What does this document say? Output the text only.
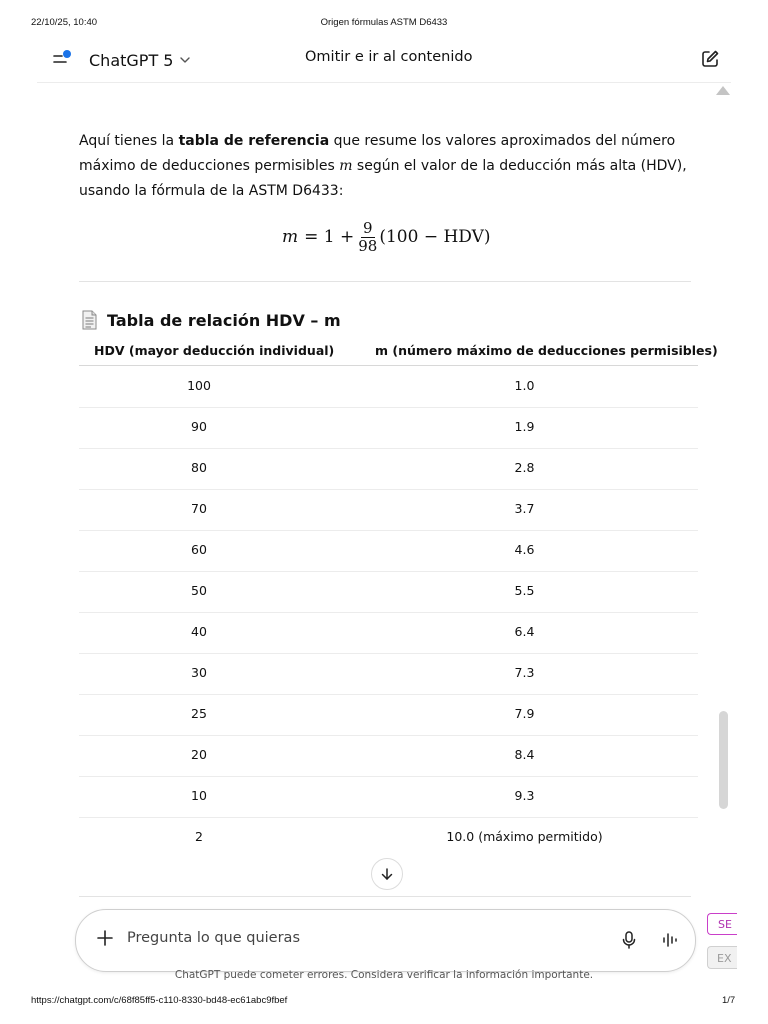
22/10/25, 10:40	Origen fórmulas ASTM D6433
ChatGPT 5	Omitir e ir al contenido
Aquí tienes la tabla de referencia que resume los valores aproximados del número
máximo de deducciones permisibles m según el valor de la deducción más alta (HDV),
usando la fórmula de la ASTM D6433:
$m = 1 + \frac{9}{98} (100 - HDV)$
Tabla de relación HDV – m
HDV (mayor deducción individual)	m (número máximo de deducciones permisibles)
100	1.0
90	1.9
80	2.8
70	3.7
60	4.6
50	5.5
40	6.4
30	7.3
25	7.9
20	8.4
10	9.3
2	10.0 (máximo permitido)
Pregunta lo que quieras
ChatGPT puede cometer errores. Considera verificar la información importante.
SE
EX
https://chatgpt.com/c/68f85ff5-c110-8330-bd48-ec61abc9fbef	1/7
